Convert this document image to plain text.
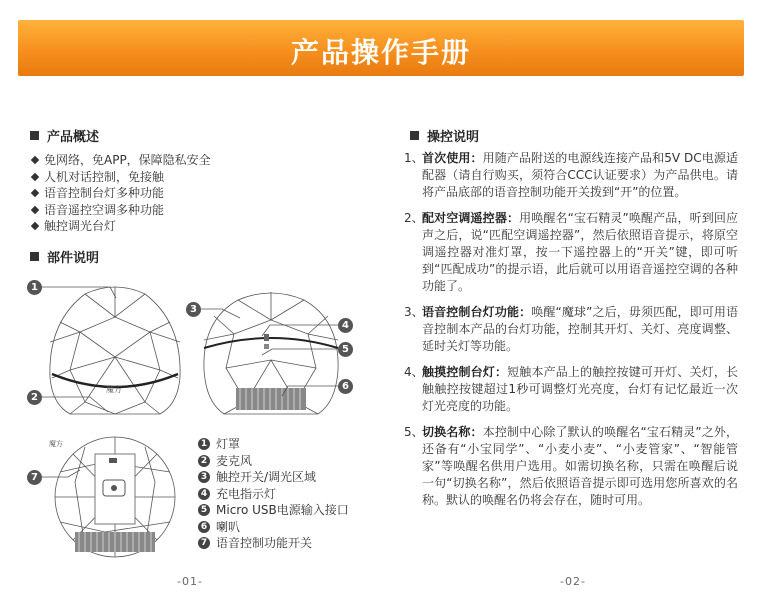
产品操作手册
产品概述
免网络，免APP，保障隐私安全
人机对话控制，免接触
语音控制台灯多种功能
语音遥控空调多种功能
触控调光台灯
部件说明
魔方
魔方
1
2
3
4
5
6
7
1 灯罩
2 麦克风
3 触控开关/调光区域
4 充电指示灯
5 Micro USB电源输入接口
6 喇叭
7 语音控制功能开关
操控说明
1、
首次使用：用随产品附送的电源线连接产品和5V DC电源适配器（请自行购买，须符合CCC认证要求）为产品供电。请将产品底部的语音控制功能开关拨到“开”的位置。
2、
配对空调遥控器：用唤醒名“宝石精灵”唤醒产品，听到回应声之后，说“匹配空调遥控器”，然后依照语音提示，将原空调遥控器对准灯罩，按一下遥控器上的“开关”键，即可听到“匹配成功”的提示语，此后就可以用语音遥控空调的各种功能了。
3、
语音控制台灯功能：唤醒“魔球”之后，毋须匹配，即可用语音控制本产品的台灯功能，控制其开灯、关灯、亮度调整、延时关灯等功能。
4、
触摸控制台灯：短触本产品上的触控按键可开灯、关灯，长触触控按键超过1秒可调整灯光亮度，台灯有记忆最近一次灯光亮度的功能。
5、
切换名称：本控制中心除了默认的唤醒名“宝石精灵”之外，还备有“小宝同学”、“小麦小麦”、“小麦管家”、“智能管家”等唤醒名供用户选用。如需切换名称，只需在唤醒后说一句“切换名称”，然后依照语音提示即可选用您所喜欢的名称。默认的唤醒名仍将会存在，随时可用。
-01-	-02-
